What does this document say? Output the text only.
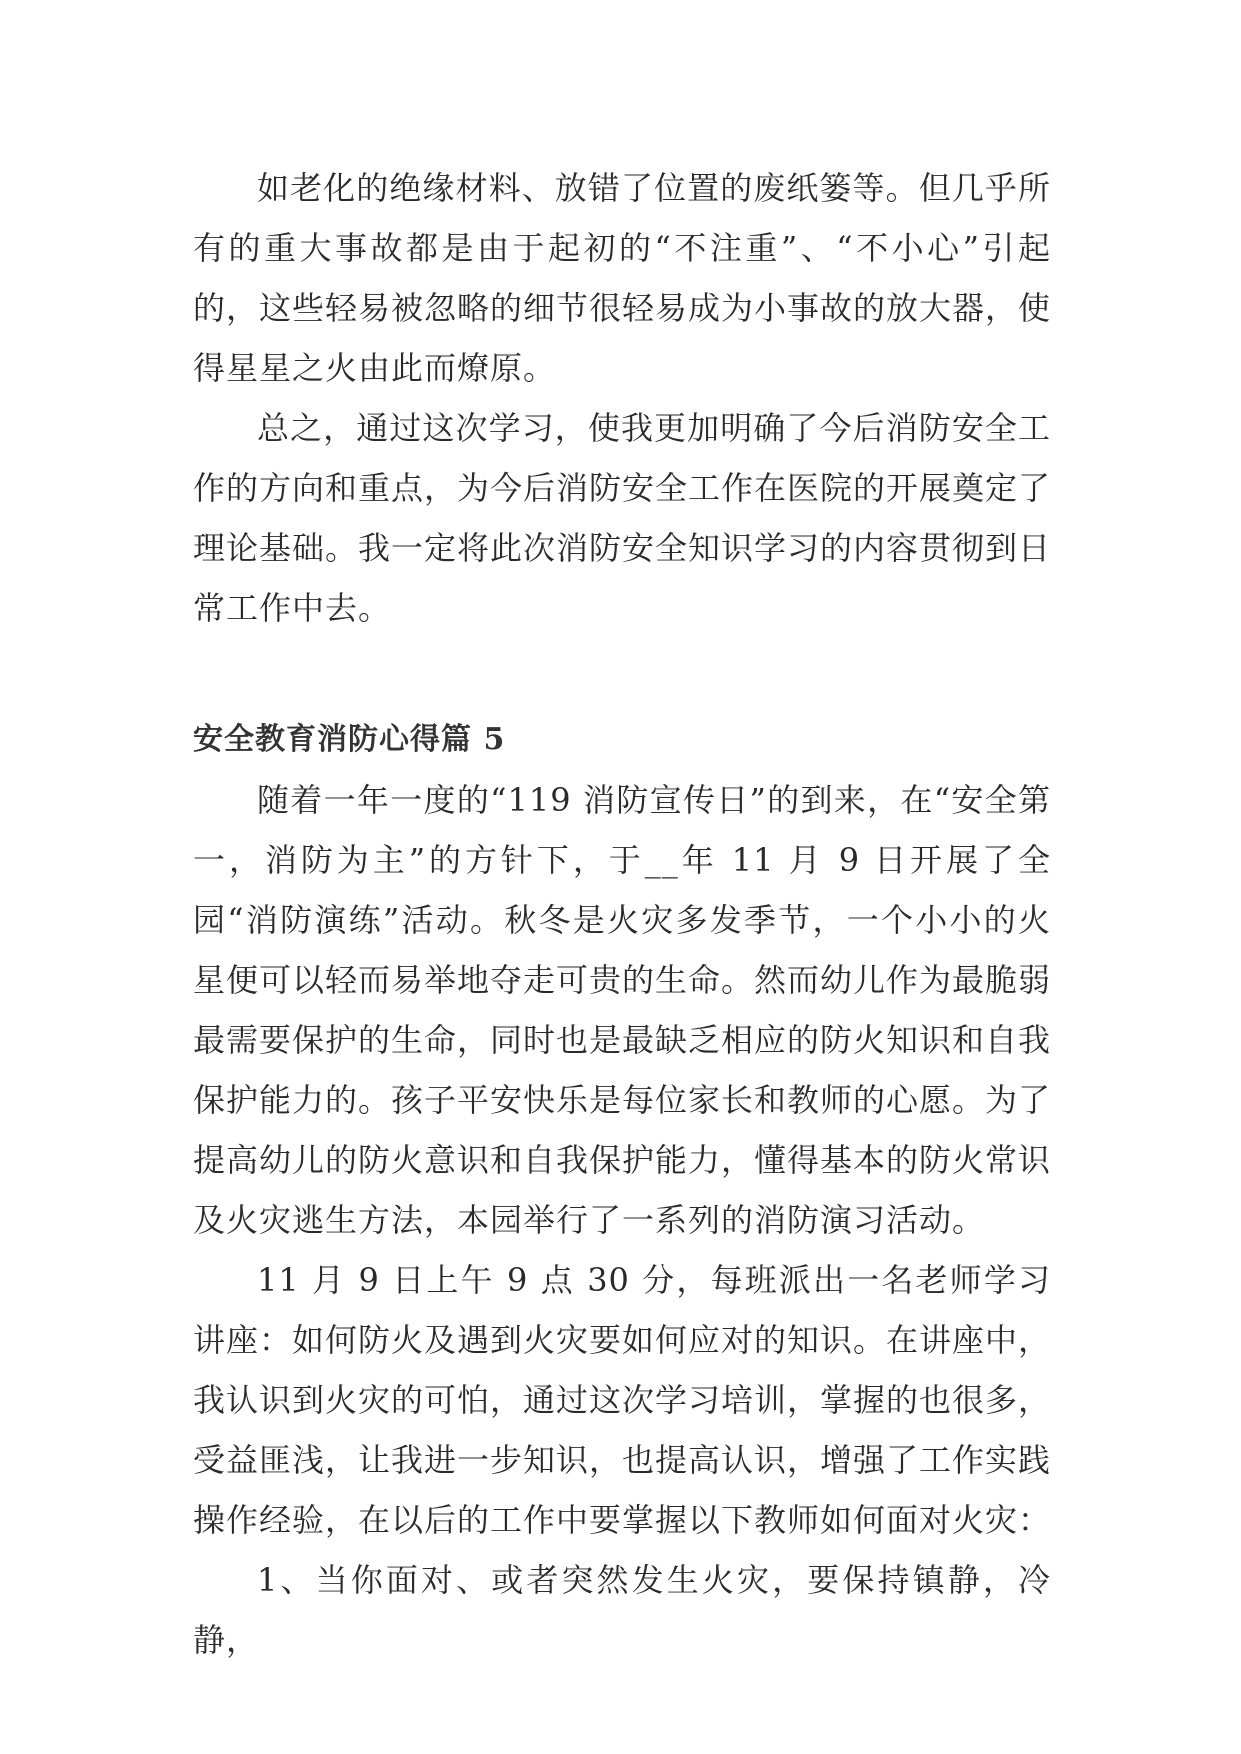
如老化的绝缘材料、放错了位置的废纸篓等。但几乎所有的重大事故都是由于起初的“不注重”、“不小心”引起的，这些轻易被忽略的细节很轻易成为小事故的放大器，使得星星之火由此而燎原。

总之，通过这次学习，使我更加明确了今后消防安全工作的方向和重点，为今后消防安全工作在医院的开展奠定了理论基础。我一定将此次消防安全知识学习的内容贯彻到日常工作中去。

安全教育消防心得篇 5

随着一年一度的“119 消防宣传日”的到来，在“安全第一，消防为主”的方针下，于__年 11 月 9 日开展了全园“消防演练”活动。秋冬是火灾多发季节，一个小小的火星便可以轻而易举地夺走可贵的生命。然而幼儿作为最脆弱最需要保护的生命，同时也是最缺乏相应的防火知识和自我保护能力的。孩子平安快乐是每位家长和教师的心愿。为了提高幼儿的防火意识和自我保护能力，懂得基本的防火常识及火灾逃生方法，本园举行了一系列的消防演习活动。

11 月 9 日上午 9 点 30 分，每班派出一名老师学习讲座：如何防火及遇到火灾要如何应对的知识。在讲座中，我认识到火灾的可怕，通过这次学习培训，掌握的也很多，受益匪浅，让我进一步知识，也提高认识，增强了工作实践操作经验，在以后的工作中要掌握以下教师如何面对火灾：

1、当你面对、或者突然发生火灾，要保持镇静，冷静，
